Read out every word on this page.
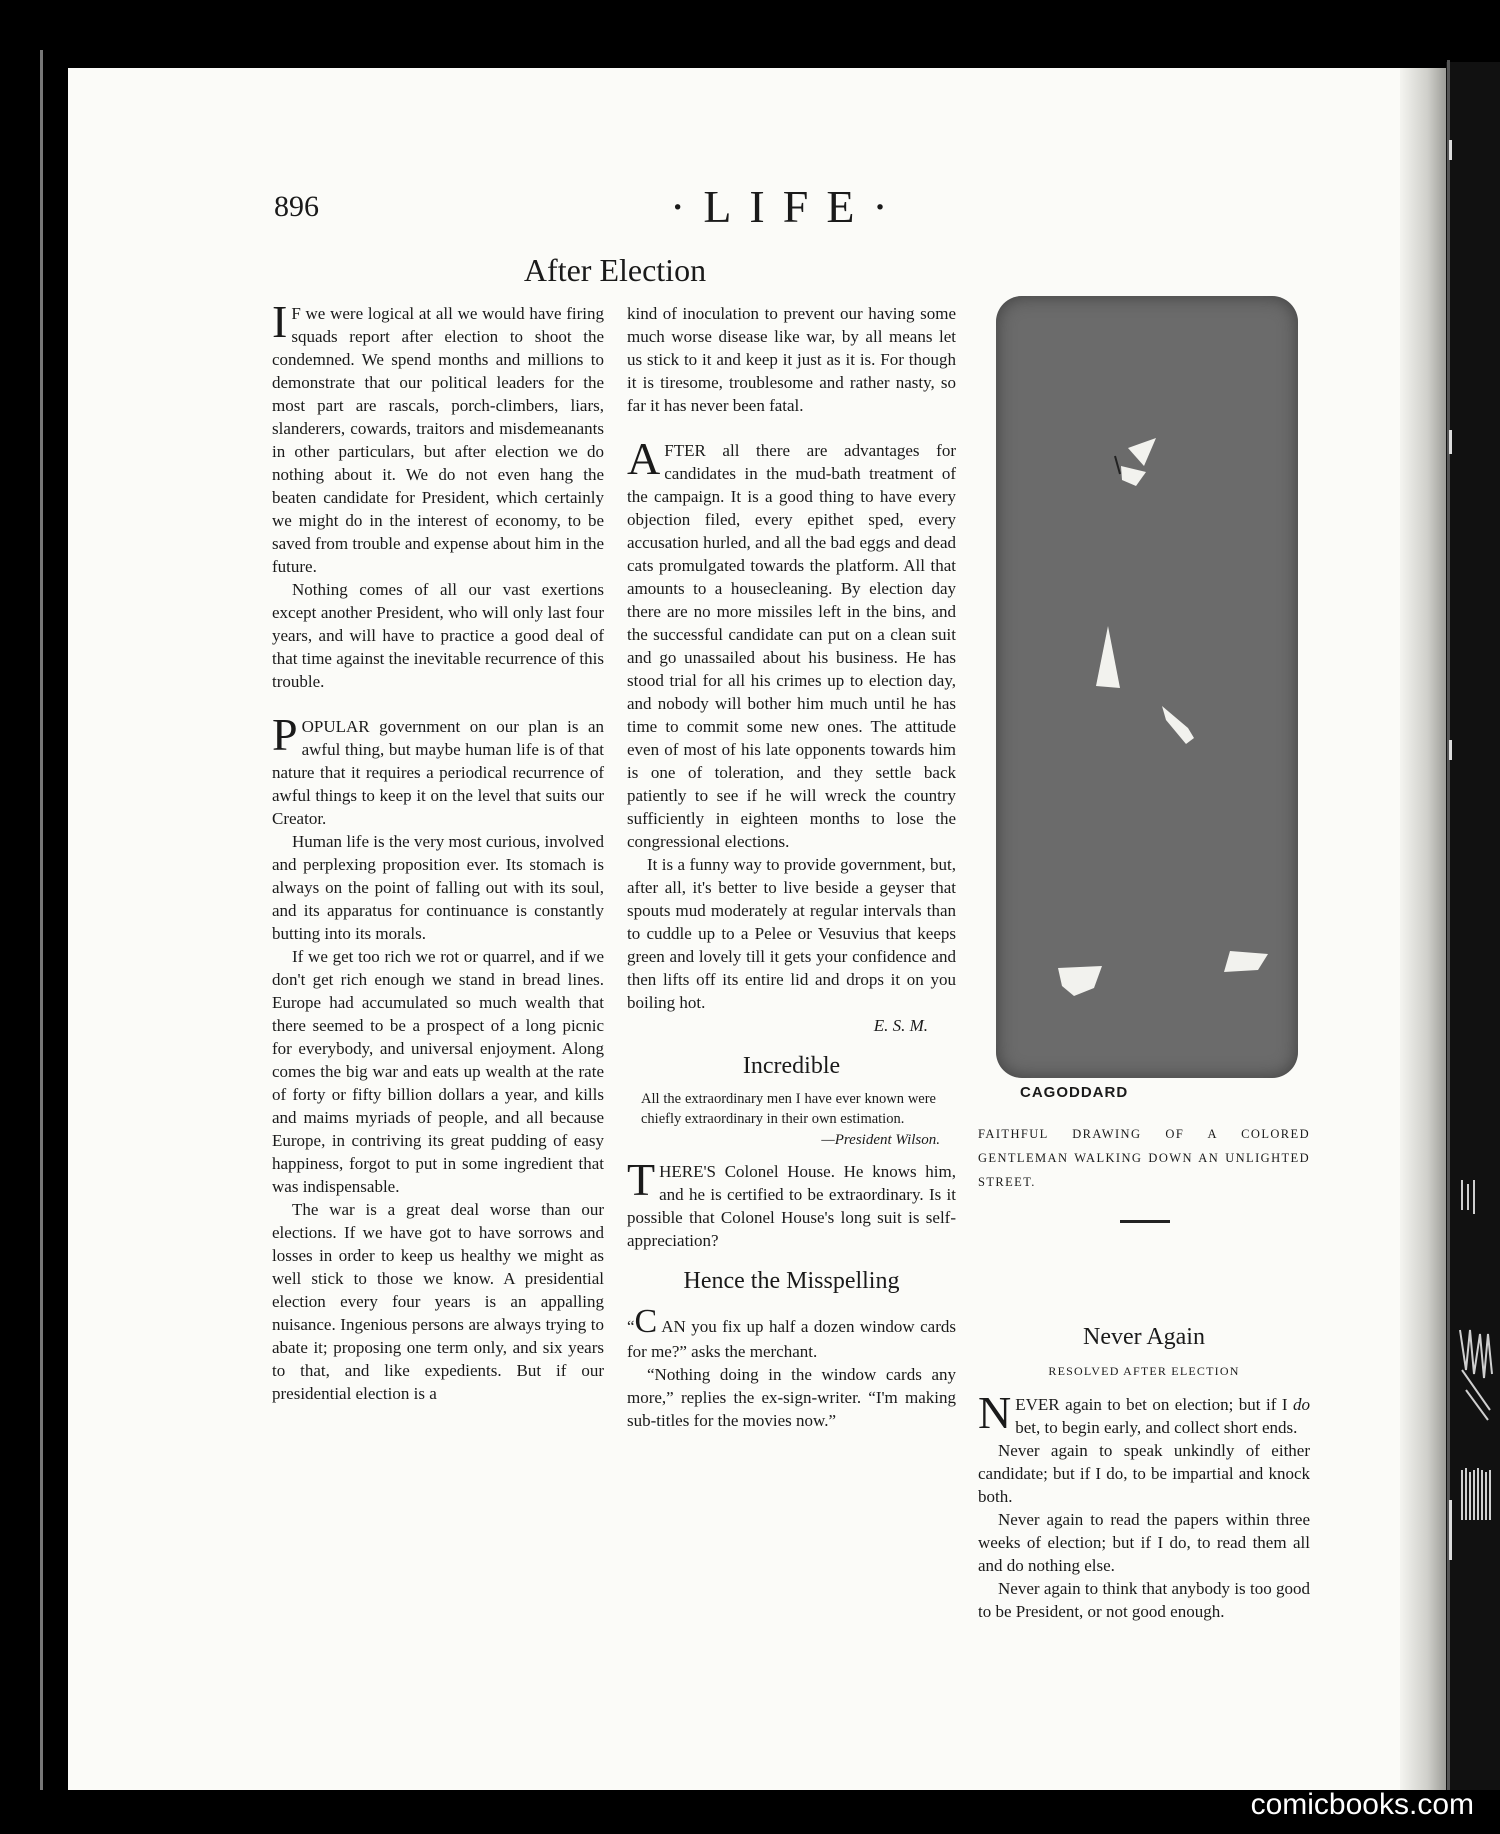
896	·LIFE·
After Election

I F we were logical at all we would have firing squads report after election to shoot the condemned. We spend months and millions to demonstrate that our political leaders for the most part are rascals, porch-climbers, liars, slanderers, cowards, traitors and misdemeanants in other particulars, but after election we do nothing about it. We do not even hang the beaten candidate for President, which certainly we might do in the interest of economy, to be saved from trouble and expense about him in the future.

Nothing comes of all our vast exertions except another President, who will only last four years, and will have to practice a good deal of that time against the inevitable recurrence of this trouble.

POPULAR government on our plan is an awful thing, but maybe human life is of that nature that it requires a periodical recurrence of awful things to keep it on the level that suits our Creator.

Human life is the very most curious, involved and perplexing proposition ever. Its stomach is always on the point of falling out with its soul, and its apparatus for continuance is constantly butting into its morals.

If we get too rich we rot or quarrel, and if we don't get rich enough we stand in bread lines. Europe had accumulated so much wealth that there seemed to be a prospect of a long picnic for everybody, and universal enjoyment. Along comes the big war and eats up wealth at the rate of forty or fifty billion dollars a year, and kills and maims myriads of people, and all because Europe, in contriving its great pudding of easy happiness, forgot to put in some ingredient that was indispensable.

The war is a great deal worse than our elections. If we have got to have sorrows and losses in order to keep us healthy we might as well stick to those we know. A presidential election every four years is an appalling nuisance. Ingenious persons are always trying to abate it; proposing one term only, and six years to that, and like expedients. But if our presidential election is a

kind of inoculation to prevent our having some much worse disease like war, by all means let us stick to it and keep it just as it is. For though it is tiresome, troublesome and rather nasty, so far it has never been fatal.

AFTER all there are advantages for candidates in the mud-bath treatment of the campaign. It is a good thing to have every objection filed, every epithet sped, every accusation hurled, and all the bad eggs and dead cats promulgated towards the platform. All that amounts to a housecleaning. By election day there are no more missiles left in the bins, and the successful candidate can put on a clean suit and go unassailed about his business. He has stood trial for all his crimes up to election day, and nobody will bother him much until he has time to commit some new ones. The attitude even of most of his late opponents towards him is one of toleration, and they settle back patiently to see if he will wreck the country sufficiently in eighteen months to lose the congressional elections.

It is a funny way to provide government, but, after all, it's better to live beside a geyser that spouts mud moderately at regular intervals than to cuddle up to a Pelee or Vesuvius that keeps green and lovely till it gets your confidence and then lifts off its entire lid and drops it on you boiling hot.

E. S. M.
Incredible
All the extraordinary men I have ever known were chiefly extraordinary in their own estimation.
—President Wilson.

THERE'S Colonel House. He knows him, and he is certified to be extraordinary. Is it possible that Colonel House's long suit is self-appreciation?

Hence the Misspelling

“C AN you fix up half a dozen window cards for me?” asks the merchant.

“Nothing doing in the window cards any more,” replies the ex-sign-writer. “I'm making sub-titles for the movies now.”

CAGODDARD
FAITHFUL DRAWING OF A COLORED GENTLEMAN WALKING DOWN AN UNLIGHTED STREET.
Never Again
RESOLVED AFTER ELECTION

NEVER again to bet on election; but if I do bet, to begin early, and collect short ends.

Never again to speak unkindly of either candidate; but if I do, to be impartial and knock both.

Never again to read the papers within three weeks of election; but if I do, to read them all and do nothing else.

Never again to think that anybody is too good to be President, or not good enough.

comicbooks.com
